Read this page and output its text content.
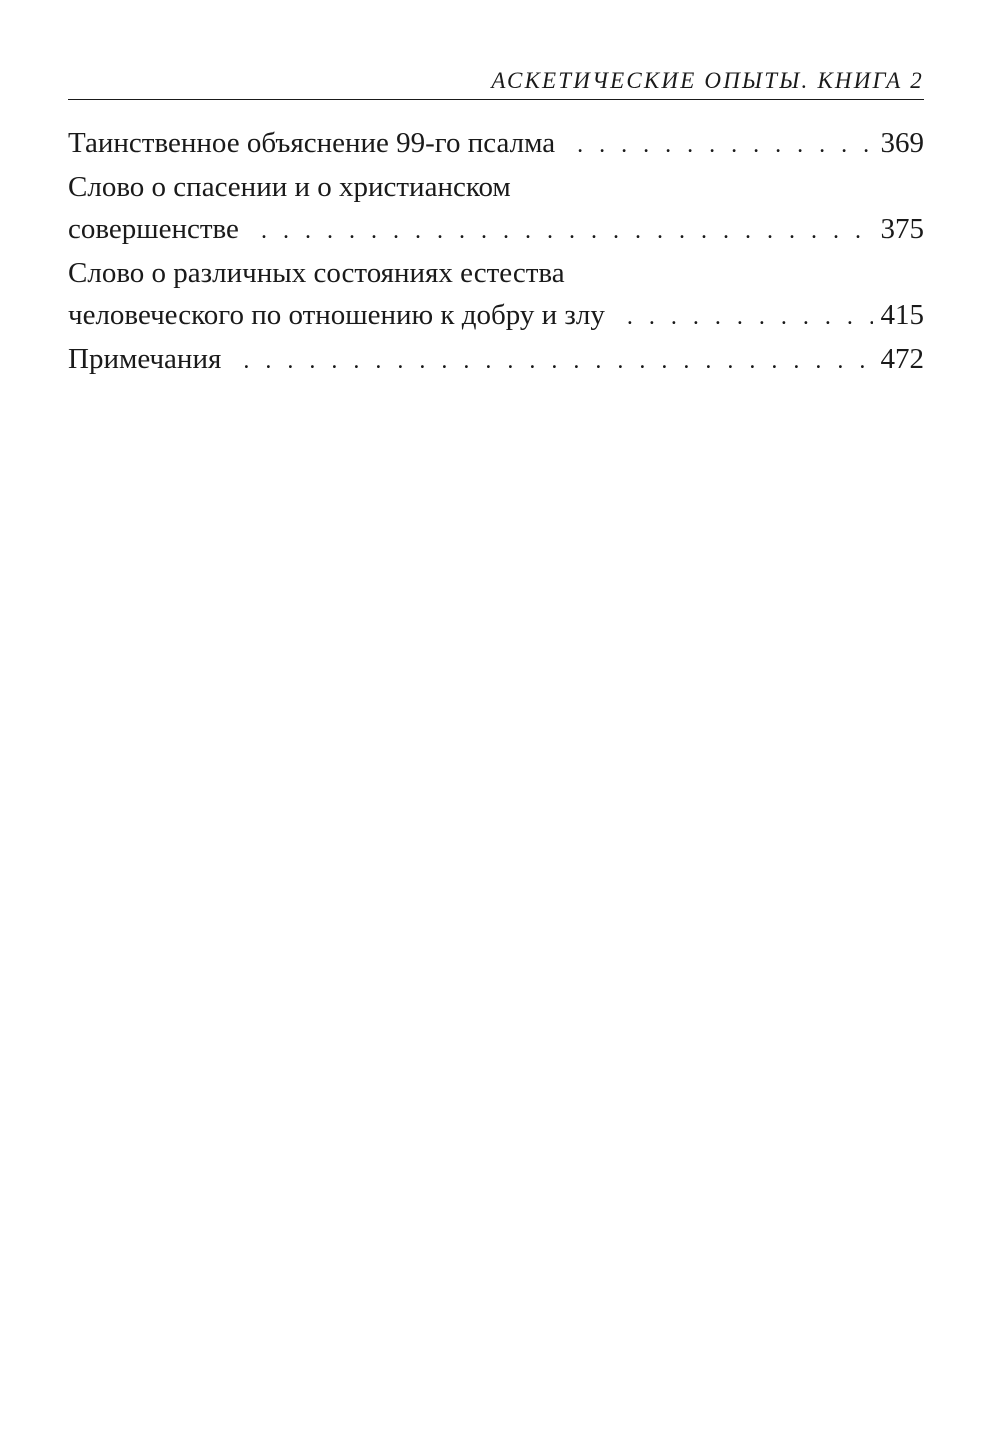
АСКЕТИЧЕСКИЕ ОПЫТЫ. КНИГА 2
Таинственное объяснение 99-го псалма . . .	369
Слово о спасении и о христианском
совершенстве . . .	375
Слово о различных состояниях естества
человеческого по отношению к добру и злу . . .	415
Примечания . . .	472
